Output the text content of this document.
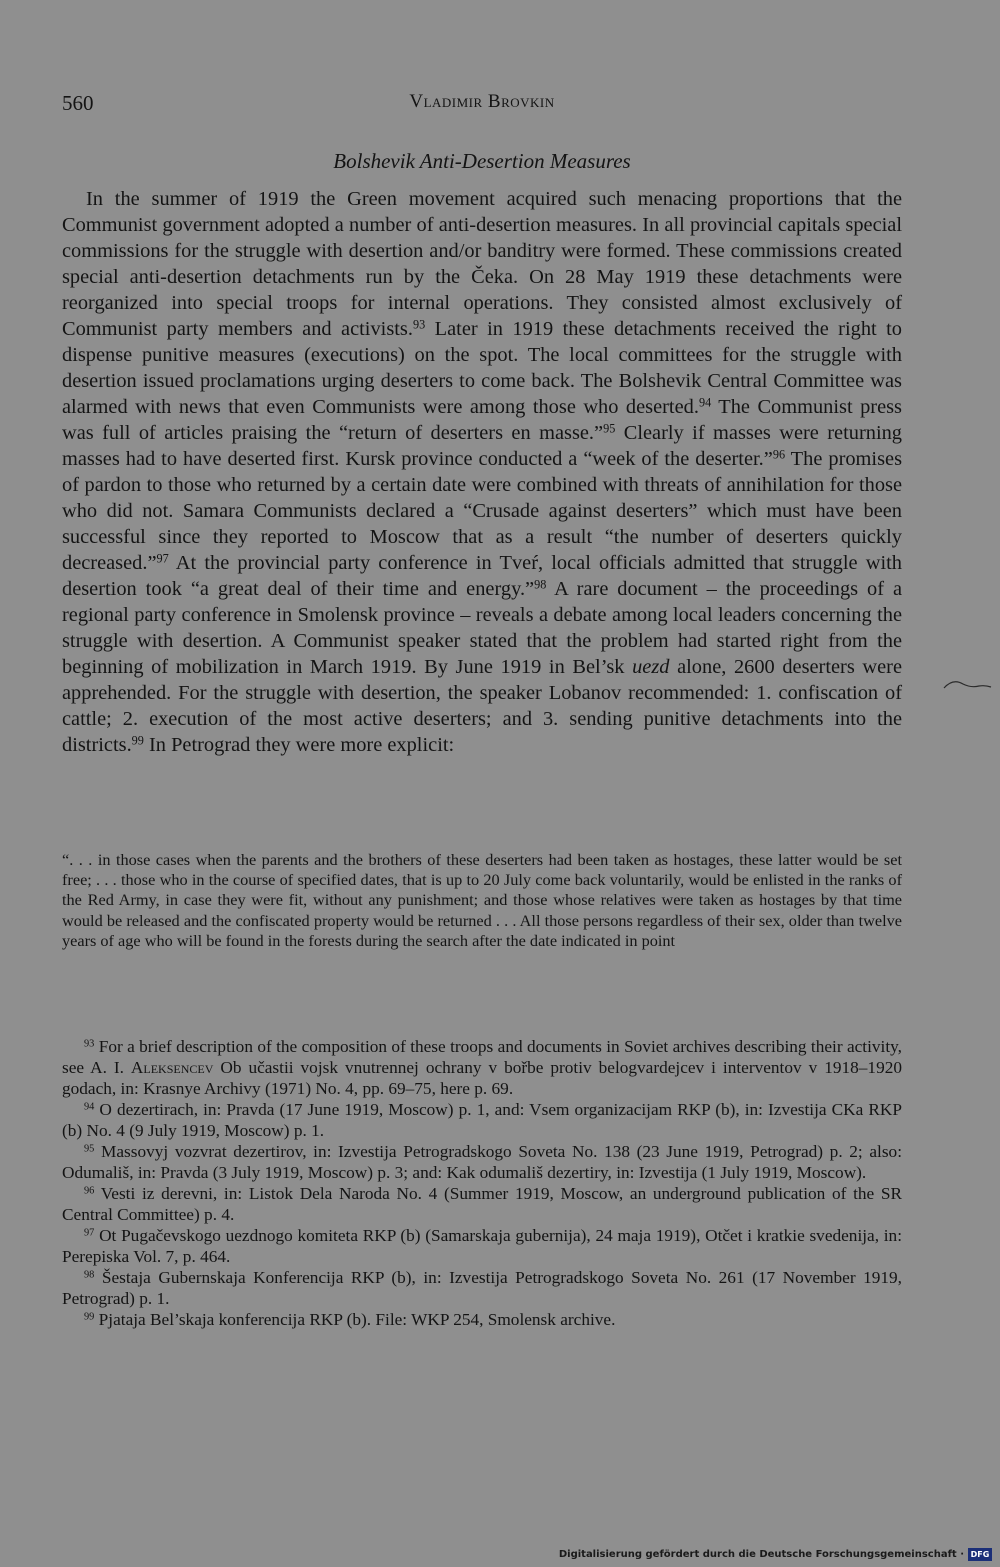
560	Vladimir Brovkin
Bolshevik Anti-Desertion Measures

In the summer of 1919 the Green movement acquired such menacing proportions that the Communist government adopted a number of anti-desertion measures. In all provincial capitals special commissions for the struggle with desertion and/or banditry were formed. These commissions created special anti-desertion detachments run by the Čeka. On 28 May 1919 these detachments were reorganized into special troops for internal operations. They consisted almost exclusively of Communist party members and activists.$^{93}$ Later in 1919 these detachments received the right to dispense punitive measures (executions) on the spot. The local committees for the struggle with desertion issued proclamations urging deserters to come back. The Bolshevik Central Committee was alarmed with news that even Communists were among those who deserted.$^{94}$ The Communist press was full of articles praising the “return of deserters en masse.”$^{95}$ Clearly if masses were returning masses had to have deserted first. Kursk province conducted a “week of the deserter.”$^{96}$ The promises of pardon to those who returned by a certain date were combined with threats of annihilation for those who did not. Samara Communists declared a “Crusade against deserters” which must have been successful since they reported to Moscow that as a result “the number of deserters quickly decreased.”$^{97}$ At the provincial party conference in Tveŕ, local officials admitted that struggle with desertion took “a great deal of their time and energy.”$^{98}$ A rare document – the proceedings of a regional party conference in Smolensk province – reveals a debate among local leaders concerning the struggle with desertion. A Communist speaker stated that the problem had started right from the beginning of mobilization in March 1919. By June 1919 in Bel’sk uezd alone, 2600 deserters were apprehended. For the struggle with desertion, the speaker Lobanov recommended: 1. confiscation of cattle; 2. execution of the most active deserters; and 3. sending punitive detachments into the districts.$^{99}$ In Petrograd they were more explicit:

“. . . in those cases when the parents and the brothers of these deserters had been taken as hostages, these latter would be set free; . . . those who in the course of specified dates, that is up to 20 July come back voluntarily, would be enlisted in the ranks of the Red Army, in case they were fit, without any punishment; and those whose relatives were taken as hostages by that time would be released and the confiscated property would be returned . . . All those persons regardless of their sex, older than twelve years of age who will be found in the forests during the search after the date indicated in point

$^{93}$ For a brief description of the composition of these troops and documents in Soviet archives describing their activity, see A. I. Aleksencev Ob učastii vojsk vnutrennej ochrany v bořbe protiv belogvardejcev i interventov v 1918–1920 godach, in: Krasnye Archivy (1971) No. 4, pp. 69–75, here p. 69.

$^{94}$ O dezertirach, in: Pravda (17 June 1919, Moscow) p. 1, and: Vsem organizacijam RKP (b), in: Izvestija CKa RKP (b) No. 4 (9 July 1919, Moscow) p. 1.

$^{95}$ Massovyj vozvrat dezertirov, in: Izvestija Petrogradskogo Soveta No. 138 (23 June 1919, Petrograd) p. 2; also: Odumališ, in: Pravda (3 July 1919, Moscow) p. 3; and: Kak odumališ dezertiry, in: Izvestija (1 July 1919, Moscow).

$^{96}$ Vesti iz derevni, in: Listok Dela Naroda No. 4 (Summer 1919, Moscow, an underground publication of the SR Central Committee) p. 4.

$^{97}$ Ot Pugačevskogo uezdnogo komiteta RKP (b) (Samarskaja gubernija), 24 maja 1919), Otčet i kratkie svedenija, in: Perepiska Vol. 7, p. 464.

$^{98}$ Šestaja Gubernskaja Konferencija RKP (b), in: Izvestija Petrogradskogo Soveta No. 261 (17 November 1919, Petrograd) p. 1.

$^{99}$ Pjataja Bel’skaja konferencija RKP (b). File: WKP 254, Smolensk archive.

Digitalisierung gefördert durch die Deutsche Forschungsgemeinschaft · DFG
